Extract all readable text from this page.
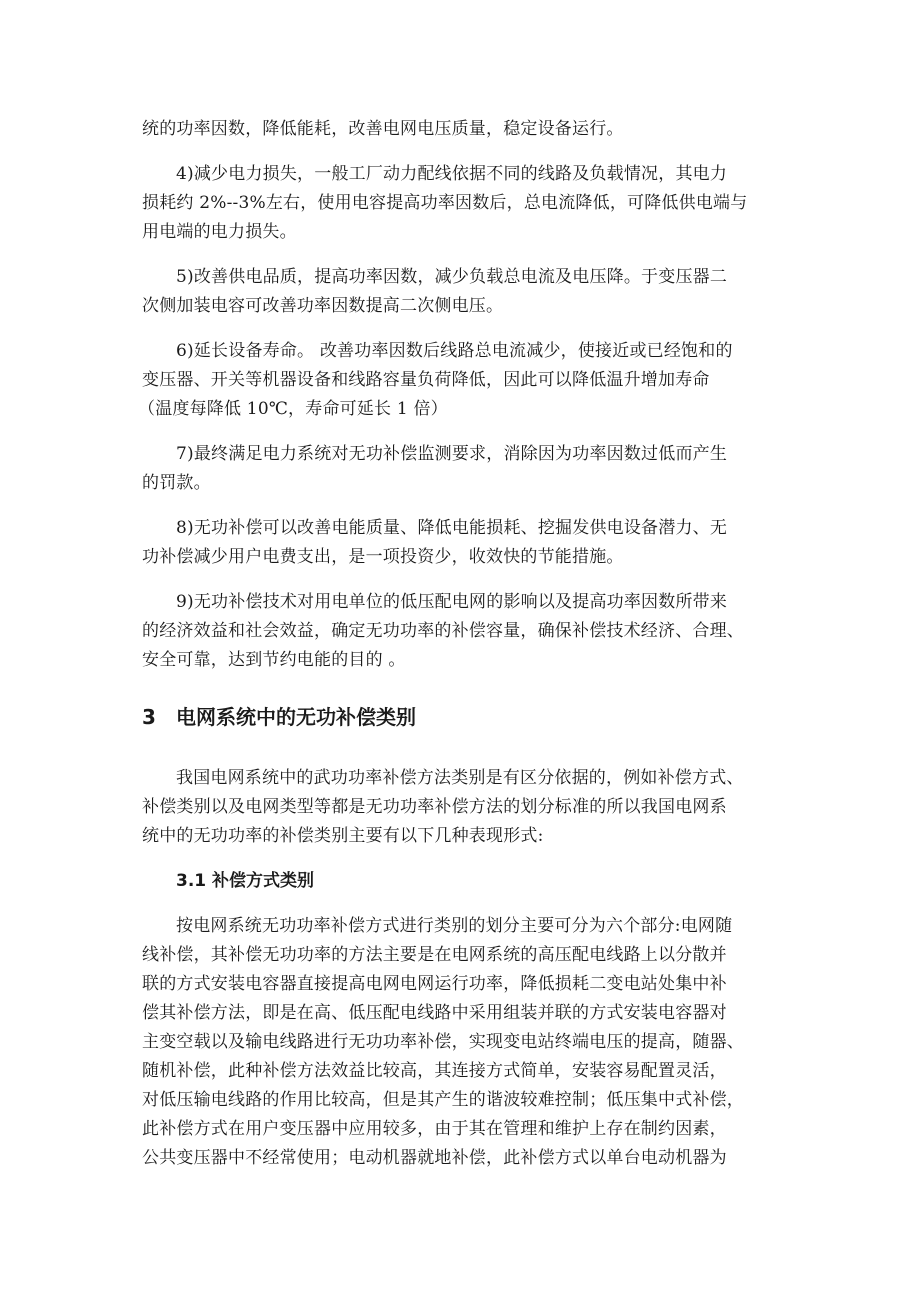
统的功率因数，降低能耗，改善电网电压质量，稳定设备运行。
4)减少电力损失，一般工厂动力配线依据不同的线路及负载情况，其电力
损耗约 2%--3%左右，使用电容提高功率因数后，总电流降低，可降低供电端与
用电端的电力损失。
5)改善供电品质，提高功率因数，减少负载总电流及电压降。于变压器二
次侧加装电容可改善功率因数提高二次侧电压。
6)延长设备寿命。 改善功率因数后线路总电流减少，使接近或已经饱和的
变压器、开关等机器设备和线路容量负荷降低，因此可以降低温升增加寿命
（温度每降低 10℃，寿命可延长 1 倍）
7)最终满足电力系统对无功补偿监测要求，消除因为功率因数过低而产生
的罚款。
8)无功补偿可以改善电能质量、降低电能损耗、挖掘发供电设备潜力、无
功补偿减少用户电费支出，是一项投资少，收效快的节能措施。
9)无功补偿技术对用电单位的低压配电网的影响以及提高功率因数所带来
的经济效益和社会效益，确定无功功率的补偿容量，确保补偿技术经济、合理、
安全可靠，达到节约电能的目的 。
3 电网系统中的无功补偿类别
我国电网系统中的武功功率补偿方法类别是有区分依据的，例如补偿方式、
补偿类别以及电网类型等都是无功功率补偿方法的划分标准的所以我国电网系
统中的无功功率的补偿类别主要有以下几种表现形式:
3.1 补偿方式类别
按电网系统无功功率补偿方式进行类别的划分主要可分为六个部分:电网随
线补偿，其补偿无功功率的方法主要是在电网系统的高压配电线路上以分散并
联的方式安装电容器直接提高电网电网运行功率，降低损耗二变电站处集中补
偿其补偿方法，即是在高、低压配电线路中采用组装并联的方式安装电容器对
主变空载以及输电线路进行无功功率补偿，实现变电站终端电压的提高，随器、
随机补偿，此种补偿方法效益比较高，其连接方式简单，安装容易配置灵活，
对低压输电线路的作用比较高，但是其产生的谐波较难控制；低压集中式补偿，
此补偿方式在用户变压器中应用较多，由于其在管理和维护上存在制约因素，
公共变压器中不经常使用；电动机器就地补偿，此补偿方式以单台电动机器为
